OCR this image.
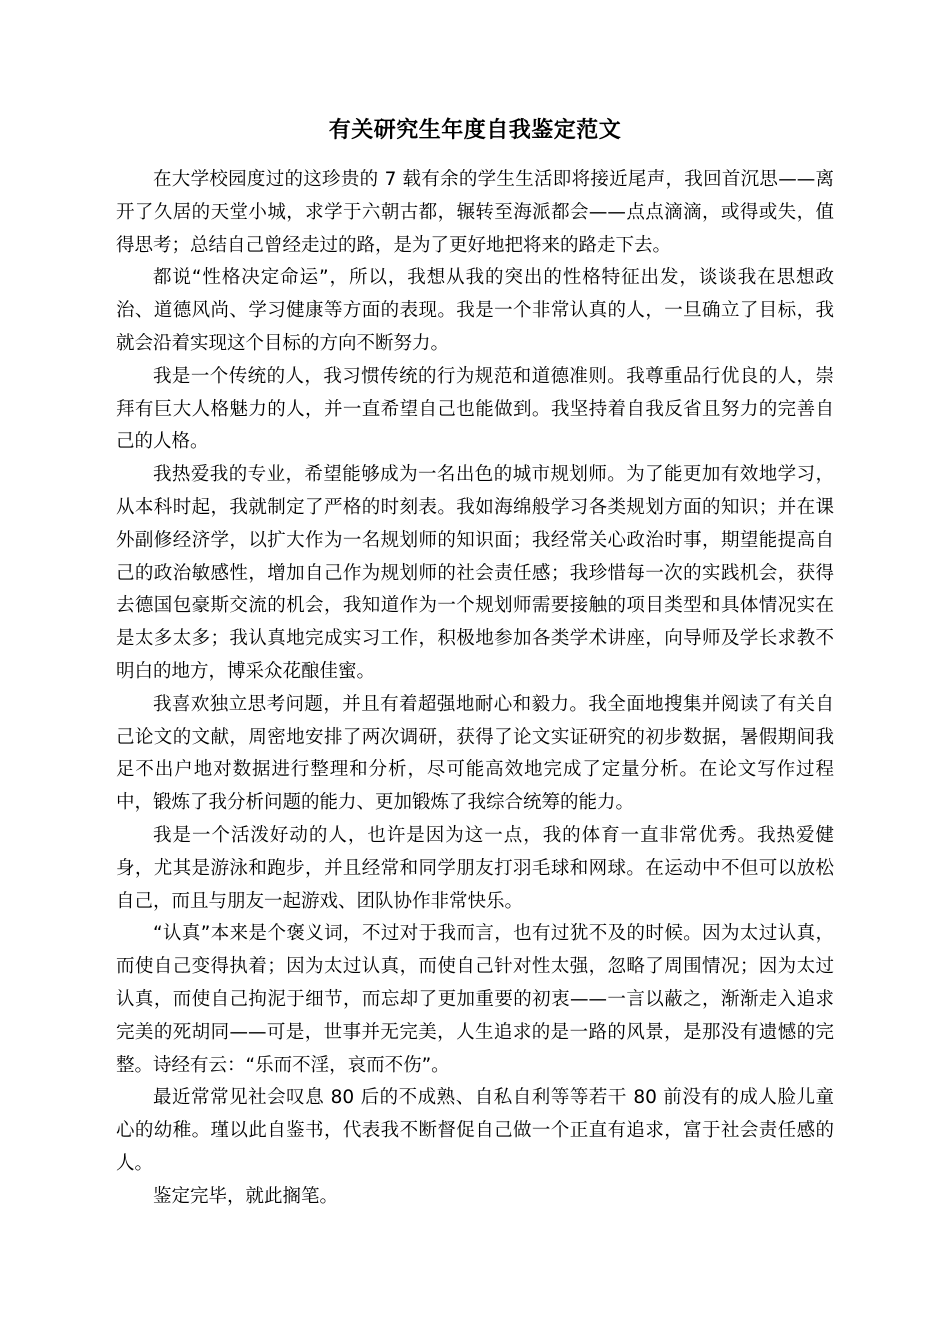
有关研究生年度自我鉴定范文

在大学校园度过的这珍贵的 7 载有余的学生生活即将接近尾声，我回首沉思——离开了久居的天堂小城，求学于六朝古都，辗转至海派都会——点点滴滴，或得或失，值得思考；总结自己曾经走过的路，是为了更好地把将来的路走下去。

都说“性格决定命运”，所以，我想从我的突出的性格特征出发，谈谈我在思想政治、道德风尚、学习健康等方面的表现。我是一个非常认真的人，一旦确立了目标，我就会沿着实现这个目标的方向不断努力。

我是一个传统的人，我习惯传统的行为规范和道德准则。我尊重品行优良的人，崇拜有巨大人格魅力的人，并一直希望自己也能做到。我坚持着自我反省且努力的完善自己的人格。

我热爱我的专业，希望能够成为一名出色的城市规划师。为了能更加有效地学习，从本科时起，我就制定了严格的时刻表。我如海绵般学习各类规划方面的知识；并在课外副修经济学，以扩大作为一名规划师的知识面；我经常关心政治时事，期望能提高自己的政治敏感性，增加自己作为规划师的社会责任感；我珍惜每一次的实践机会，获得去德国包豪斯交流的机会，我知道作为一个规划师需要接触的项目类型和具体情况实在是太多太多；我认真地完成实习工作，积极地参加各类学术讲座，向导师及学长求教不明白的地方，博采众花酿佳蜜。

我喜欢独立思考问题，并且有着超强地耐心和毅力。我全面地搜集并阅读了有关自己论文的文献，周密地安排了两次调研，获得了论文实证研究的初步数据，暑假期间我足不出户地对数据进行整理和分析，尽可能高效地完成了定量分析。在论文写作过程中，锻炼了我分析问题的能力、更加锻炼了我综合统筹的能力。

我是一个活泼好动的人，也许是因为这一点，我的体育一直非常优秀。我热爱健身，尤其是游泳和跑步，并且经常和同学朋友打羽毛球和网球。在运动中不但可以放松自己，而且与朋友一起游戏、团队协作非常快乐。

“认真”本来是个褒义词，不过对于我而言，也有过犹不及的时候。因为太过认真，而使自己变得执着；因为太过认真，而使自己针对性太强，忽略了周围情况；因为太过认真，而使自己拘泥于细节，而忘却了更加重要的初衷——一言以蔽之，渐渐走入追求完美的死胡同——可是，世事并无完美，人生追求的是一路的风景，是那没有遗憾的完整。诗经有云：“乐而不淫，哀而不伤”。

最近常常见社会叹息 80 后的不成熟、自私自利等等若干 80 前没有的成人脸儿童心的幼稚。瑾以此自鉴书，代表我不断督促自己做一个正直有追求，富于社会责任感的人。

鉴定完毕，就此搁笔。
